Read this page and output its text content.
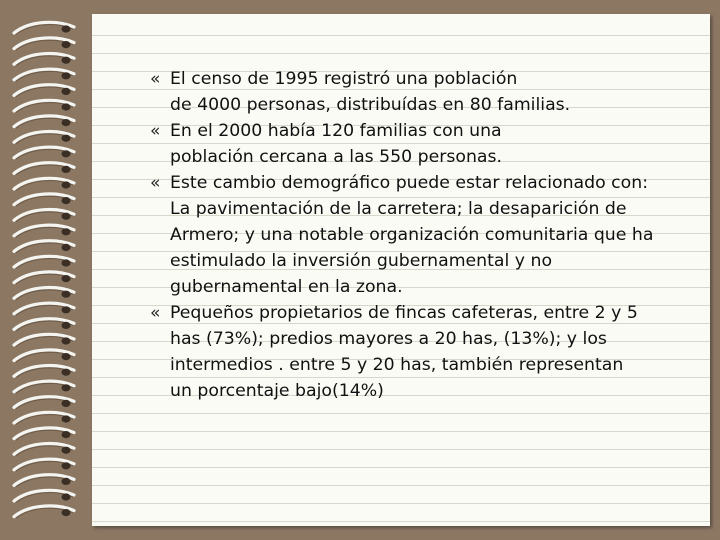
« El censo de 1995 registró una población
de 4000 personas, distribuídas en 80 familias.
« En el 2000 había 120 familias con una
población cercana a las 550 personas.
« Este cambio demográfico puede estar relacionado con:
La pavimentación de la carretera; la desaparición de
Armero; y una notable organización comunitaria que ha
estimulado la inversión gubernamental y no
gubernamental en la zona.
« Pequeños propietarios de fincas cafeteras, entre 2 y 5
has (73%); predios mayores a 20 has, (13%); y los
intermedios . entre 5 y 20 has, también representan
un porcentaje bajo(14%)
